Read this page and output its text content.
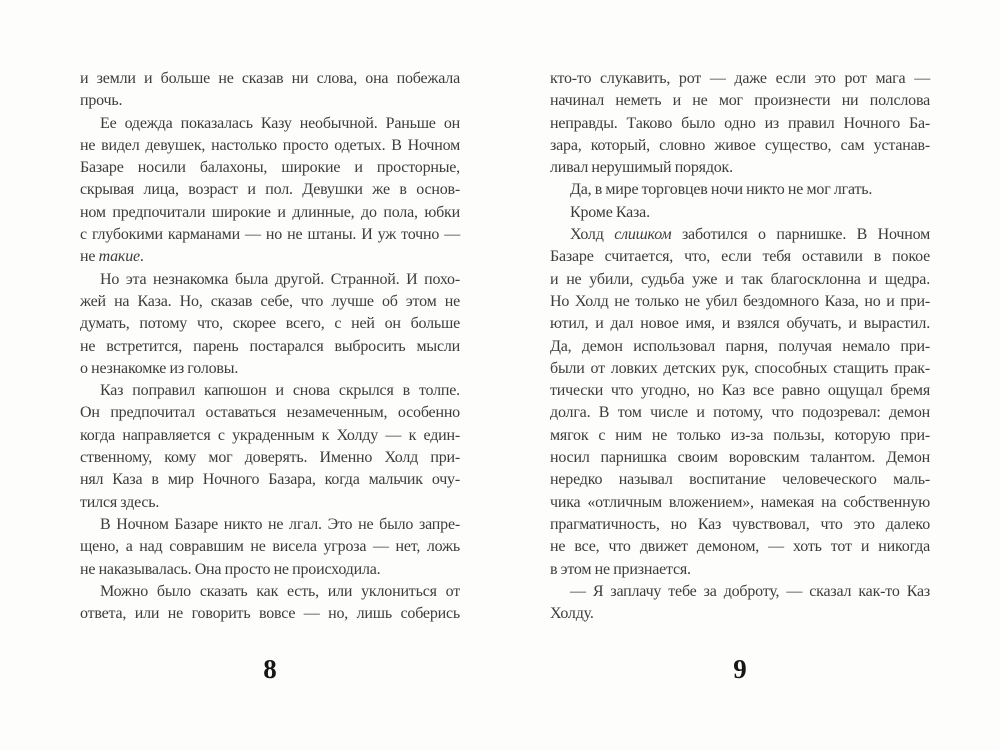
и земли и больше не сказав ни слова, она побежала
прочь.
Ее одежда показалась Казу необычной. Раньше он
не видел девушек, настолько просто одетых. В Ночном
Базаре носили балахоны, широкие и просторные,
скрывая лица, возраст и пол. Девушки же в основ-
ном предпочитали широкие и длинные, до пола, юбки
с глубокими карманами — но не штаны. И уж точно —
не такие.
Но эта незнакомка была другой. Странной. И похо-
жей на Каза. Но, сказав себе, что лучше об этом не
думать, потому что, скорее всего, с ней он больше
не встретится, парень постарался выбросить мысли
о незнакомке из головы.
Каз поправил капюшон и снова скрылся в толпе.
Он предпочитал оставаться незамеченным, особенно
когда направляется с украденным к Холду — к един-
ственному, кому мог доверять. Именно Холд при-
нял Каза в мир Ночного Базара, когда мальчик очу-
тился здесь.
В Ночном Базаре никто не лгал. Это не было запре-
щено, а над совравшим не висела угроза — нет, ложь
не наказывалась. Она просто не происходила.
Можно было сказать как есть, или уклониться от
ответа, или не говорить вовсе — но, лишь соберись
кто-то слукавить, рот — даже если это рот мага —
начинал неметь и не мог произнести ни полслова
неправды. Таково было одно из правил Ночного Ба-
зара, который, словно живое существо, сам устанав-
ливал нерушимый порядок.
Да, в мире торговцев ночи никто не мог лгать.
Кроме Каза.
Холд слишком заботился о парнишке. В Ночном
Базаре считается, что, если тебя оставили в покое
и не убили, судьба уже и так благосклонна и щедра.
Но Холд не только не убил бездомного Каза, но и при-
ютил, и дал новое имя, и взялся обучать, и вырастил.
Да, демон использовал парня, получая немало при-
были от ловких детских рук, способных стащить прак-
тически что угодно, но Каз все равно ощущал бремя
долга. В том числе и потому, что подозревал: демон
мягок с ним не только из-за пользы, которую при-
носил парнишка своим воровским талантом. Демон
нередко называл воспитание человеческого маль-
чика «отличным вложением», намекая на собственную
прагматичность, но Каз чувствовал, что это далеко
не все, что движет демоном, — хоть тот и никогда
в этом не признается.
— Я заплачу тебе за доброту, — сказал как-то Каз
Холду.
8	9
